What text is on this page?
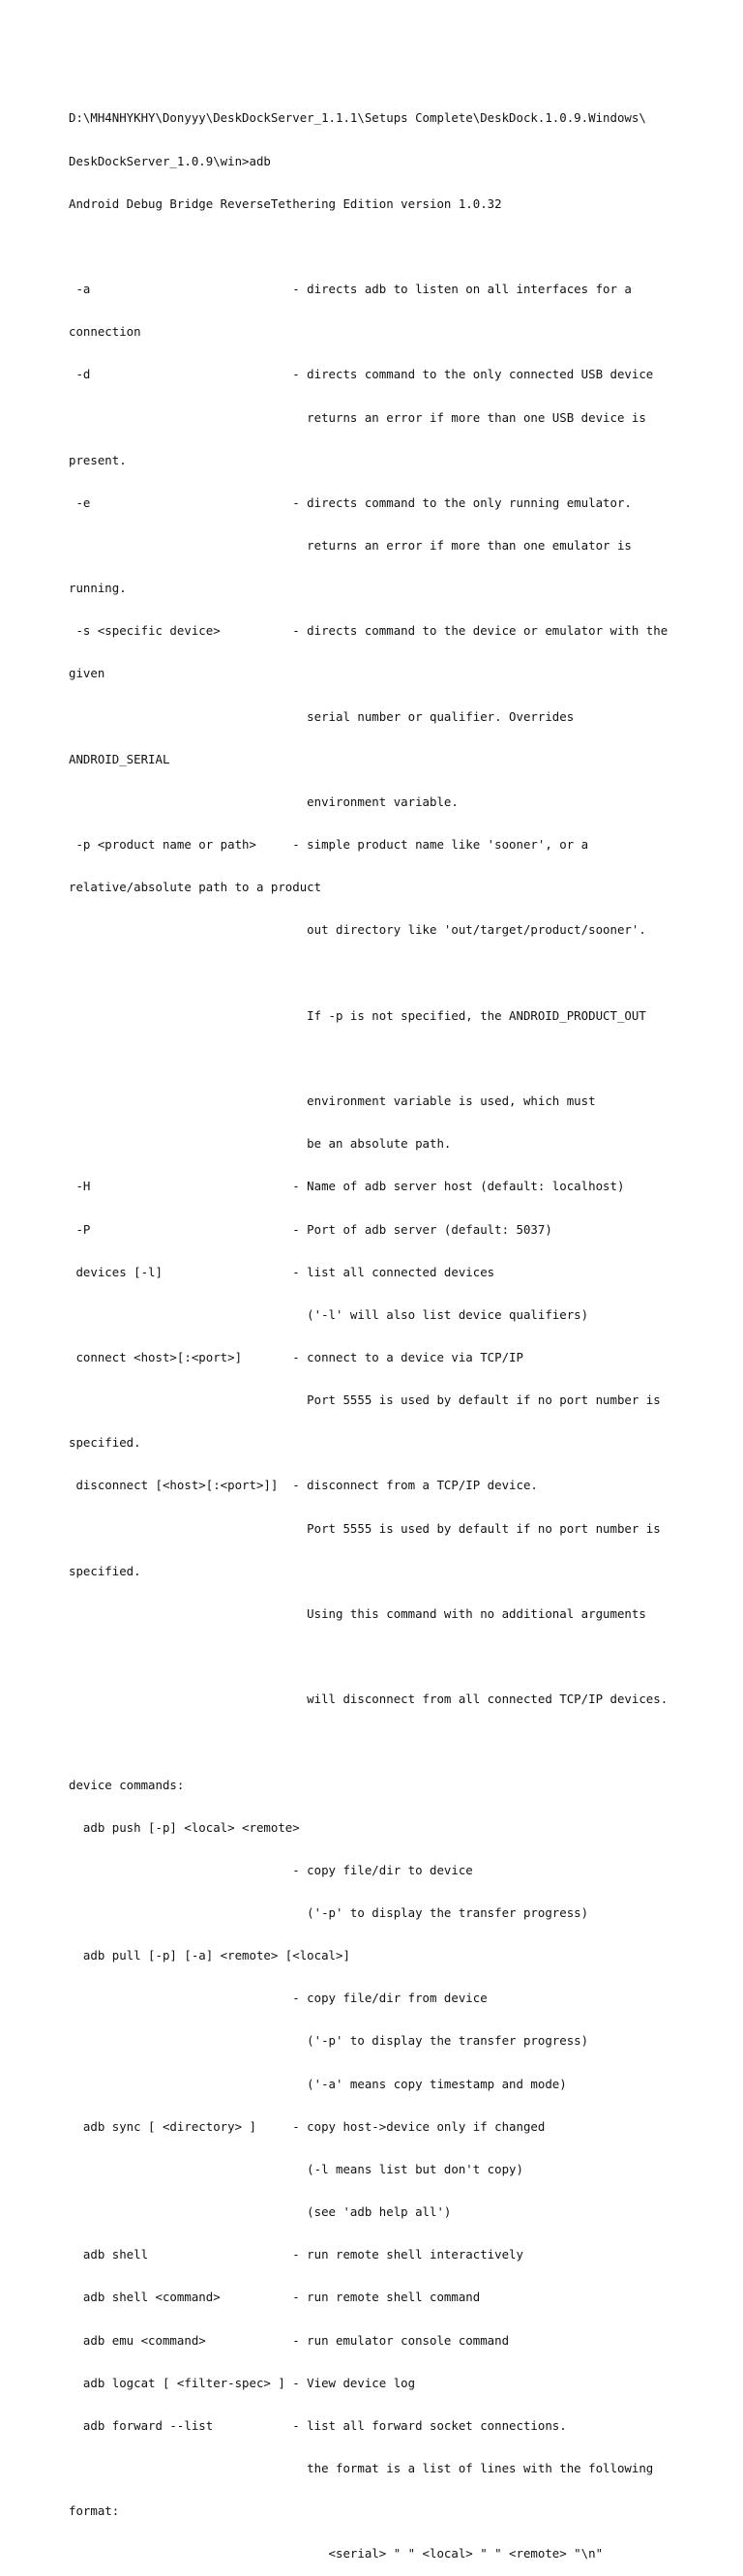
D:\MH4NHYKHY\Donyyy\DeskDockServer_1.1.1\Setups Complete\DeskDock.1.0.9.Windows\

DeskDockServer_1.0.9\win>adb

Android Debug Bridge ReverseTethering Edition version 1.0.32

-a                            - directs adb to listen on all interfaces for a

connection

-d                            - directs command to the only connected USB device

returns an error if more than one USB device is

present.

-e                            - directs command to the only running emulator.

returns an error if more than one emulator is

running.

-s <specific device>          - directs command to the device or emulator with the

given

serial number or qualifier. Overrides

ANDROID_SERIAL

environment variable.

-p <product name or path>     - simple product name like 'sooner', or a

relative/absolute path to a product

out directory like 'out/target/product/sooner'.

If -p is not specified, the ANDROID_PRODUCT_OUT

environment variable is used, which must

be an absolute path.

-H                            - Name of adb server host (default: localhost)

-P                            - Port of adb server (default: 5037)

devices [-l]                  - list all connected devices

('-l' will also list device qualifiers)

connect <host>[:<port>]       - connect to a device via TCP/IP

Port 5555 is used by default if no port number is

specified.

disconnect [<host>[:<port>]]  - disconnect from a TCP/IP device.

Port 5555 is used by default if no port number is

specified.

Using this command with no additional arguments

will disconnect from all connected TCP/IP devices.

device commands:

adb push [-p] <local> <remote>

- copy file/dir to device

('-p' to display the transfer progress)

adb pull [-p] [-a] <remote> [<local>]

- copy file/dir from device

('-p' to display the transfer progress)

('-a' means copy timestamp and mode)

adb sync [ <directory> ]     - copy host->device only if changed

(-l means list but don't copy)

(see 'adb help all')

adb shell                    - run remote shell interactively

adb shell <command>          - run remote shell command

adb emu <command>            - run emulator console command

adb logcat [ <filter-spec> ] - View device log

adb forward --list           - list all forward socket connections.

the format is a list of lines with the following

format:

<serial> " " <local> " " <remote> "\n"
